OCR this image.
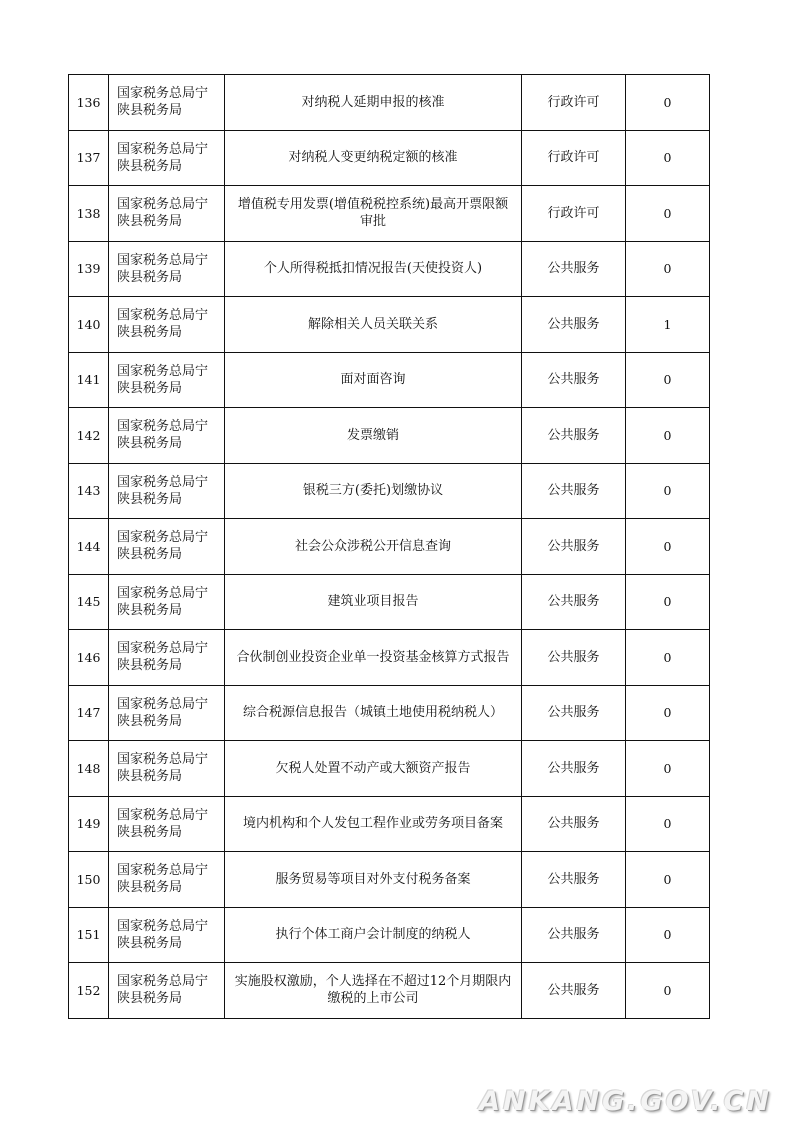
136	国家税务总局宁陕县税务局	对纳税人延期申报的核准	行政许可	0
137	国家税务总局宁陕县税务局	对纳税人变更纳税定额的核准	行政许可	0
138	国家税务总局宁陕县税务局	增值税专用发票(增值税税控系统)最高开票限额审批	行政许可	0
139	国家税务总局宁陕县税务局	个人所得税抵扣情况报告(天使投资人)	公共服务	0
140	国家税务总局宁陕县税务局	解除相关人员关联关系	公共服务	1
141	国家税务总局宁陕县税务局	面对面咨询	公共服务	0
142	国家税务总局宁陕县税务局	发票缴销	公共服务	0
143	国家税务总局宁陕县税务局	银税三方(委托)划缴协议	公共服务	0
144	国家税务总局宁陕县税务局	社会公众涉税公开信息查询	公共服务	0
145	国家税务总局宁陕县税务局	建筑业项目报告	公共服务	0
146	国家税务总局宁陕县税务局	合伙制创业投资企业单一投资基金核算方式报告	公共服务	0
147	国家税务总局宁陕县税务局	综合税源信息报告（城镇土地使用税纳税人）	公共服务	0
148	国家税务总局宁陕县税务局	欠税人处置不动产或大额资产报告	公共服务	0
149	国家税务总局宁陕县税务局	境内机构和个人发包工程作业或劳务项目备案	公共服务	0
150	国家税务总局宁陕县税务局	服务贸易等项目对外支付税务备案	公共服务	0
151	国家税务总局宁陕县税务局	执行个体工商户会计制度的纳税人	公共服务	0
152	国家税务总局宁陕县税务局	实施股权激励，个人选择在不超过12个月期限内缴税的上市公司	公共服务	0
ANKANG.GOV.CN
